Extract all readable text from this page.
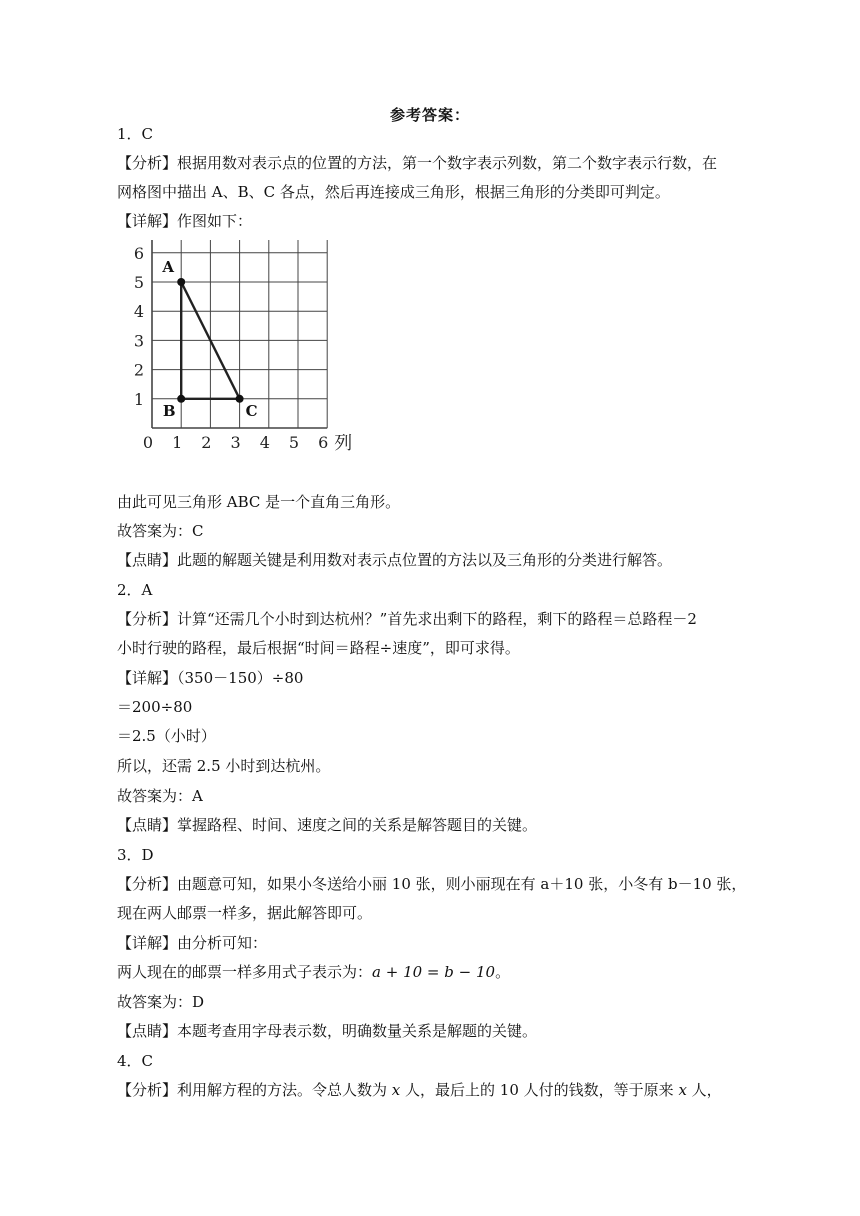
参考答案：
1．C
【分析】根据用数对表示点的位置的方法，第一个数字表示列数，第二个数字表示行数，在
网格图中描出 A、B、C 各点，然后再连接成三角形，根据三角形的分类即可判定。
【详解】作图如下：
6
5
4
3
2
1
0 1 2 3 4 5 6 列
A
B	C
由此可见三角形 ABC 是一个直角三角形。
故答案为：C
【点睛】此题的解题关键是利用数对表示点位置的方法以及三角形的分类进行解答。
2．A
【分析】计算“还需几个小时到达杭州？”首先求出剩下的路程，剩下的路程＝总路程－2
小时行驶的路程，最后根据“时间＝路程÷速度”，即可求得。
【详解】（350－150）÷80
＝200÷80
＝2.5（小时）
所以，还需 2.5 小时到达杭州。
故答案为：A
【点睛】掌握路程、时间、速度之间的关系是解答题目的关键。
3．D
【分析】由题意可知，如果小冬送给小丽 10 张，则小丽现在有 a＋10 张，小冬有 b－10 张，
现在两人邮票一样多，据此解答即可。
【详解】由分析可知：
两人现在的邮票一样多用式子表示为：a + 10 = b − 10。
故答案为：D
【点睛】本题考查用字母表示数，明确数量关系是解题的关键。
4．C
【分析】利用解方程的方法。令总人数为 x 人，最后上的 10 人付的钱数，等于原来 x 人，
